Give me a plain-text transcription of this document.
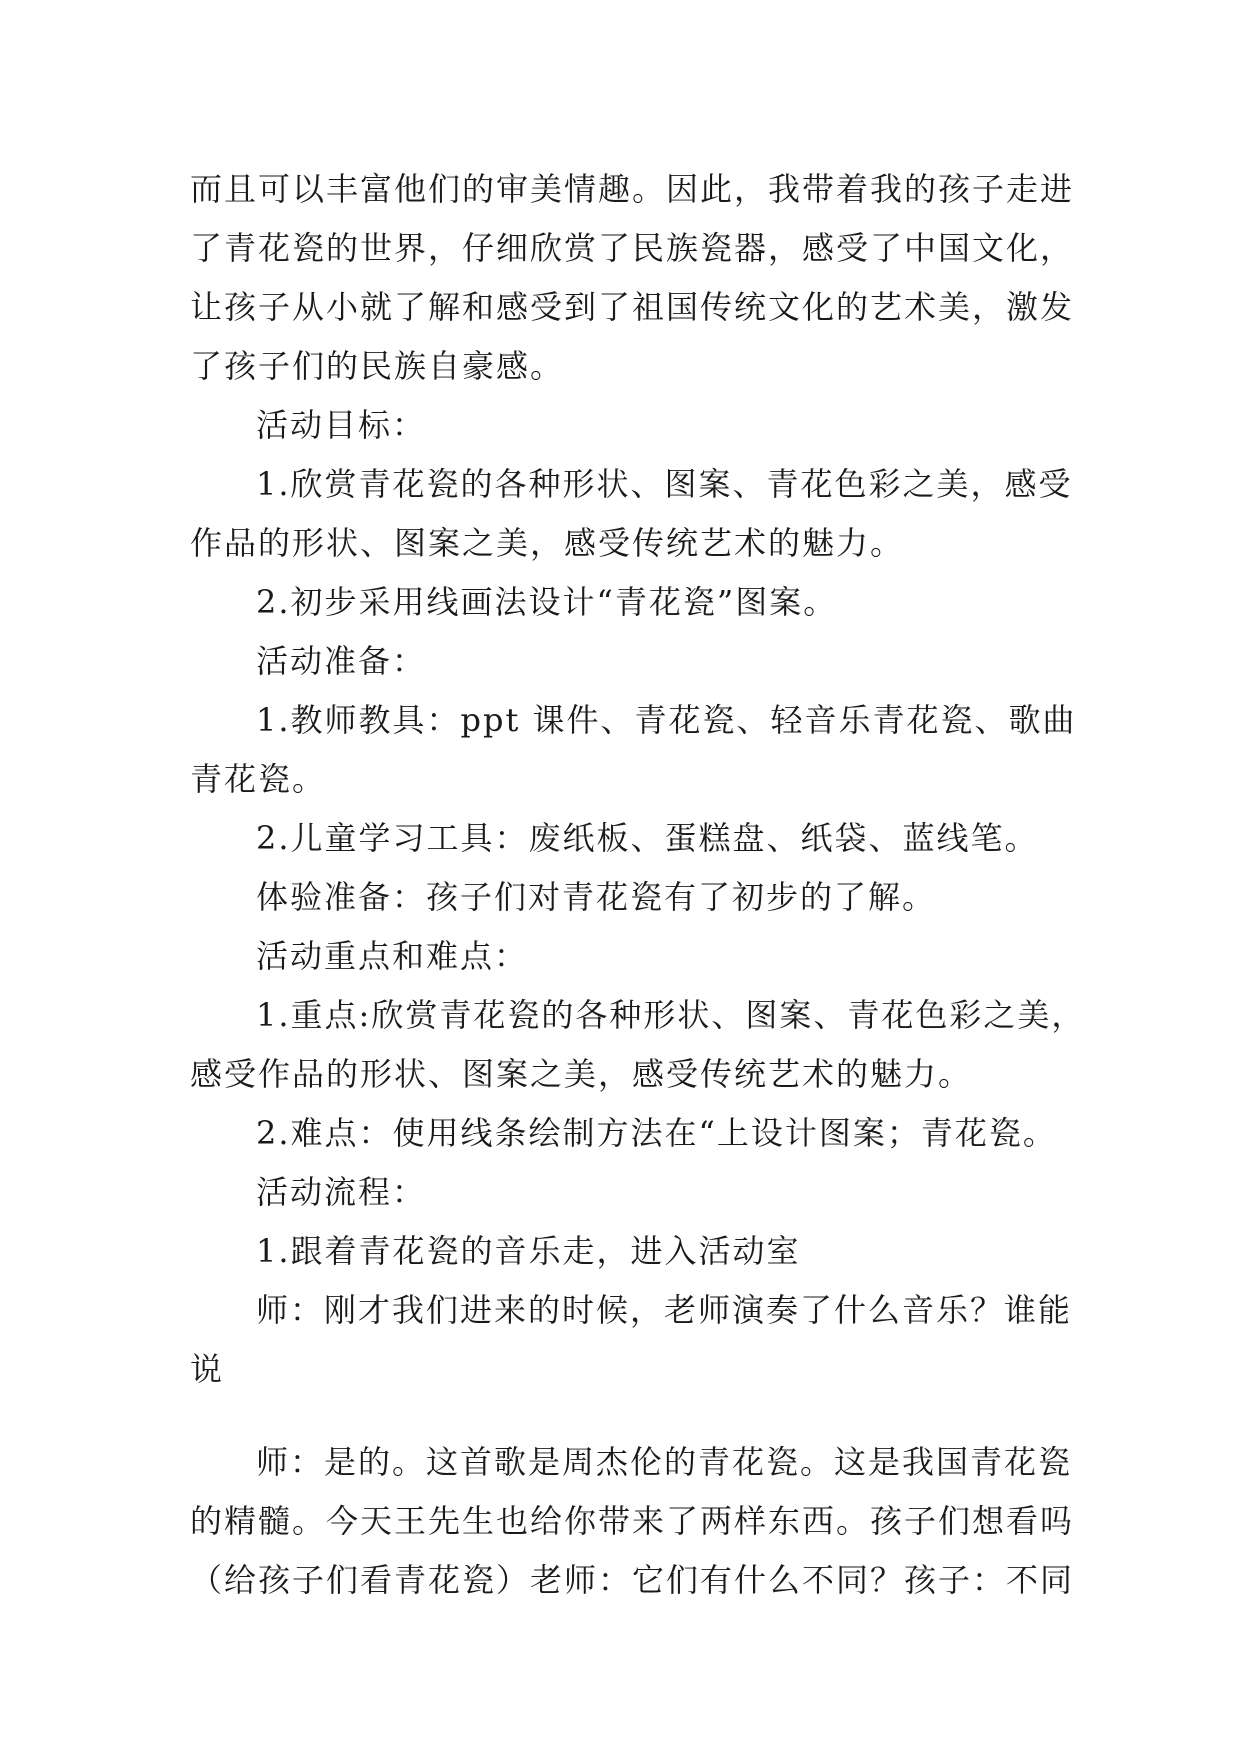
而且可以丰富他们的审美情趣。因此，我带着我的孩子走进
了青花瓷的世界，仔细欣赏了民族瓷器，感受了中国文化，
让孩子从小就了解和感受到了祖国传统文化的艺术美，激发
了孩子们的民族自豪感。
活动目标：
1.欣赏青花瓷的各种形状、图案、青花色彩之美，感受
作品的形状、图案之美，感受传统艺术的魅力。
2.初步采用线画法设计“青花瓷”图案。
活动准备：
1.教师教具：ppt 课件、青花瓷、轻音乐青花瓷、歌曲
青花瓷。
2.儿童学习工具：废纸板、蛋糕盘、纸袋、蓝线笔。
体验准备：孩子们对青花瓷有了初步的了解。
活动重点和难点：
1.重点:欣赏青花瓷的各种形状、图案、青花色彩之美，
感受作品的形状、图案之美，感受传统艺术的魅力。
2.难点：使用线条绘制方法在“上设计图案；青花瓷。
活动流程：
1.跟着青花瓷的音乐走，进入活动室
师：刚才我们进来的时候，老师演奏了什么音乐？谁能
说
师：是的。这首歌是周杰伦的青花瓷。这是我国青花瓷
的精髓。今天王先生也给你带来了两样东西。孩子们想看吗
（给孩子们看青花瓷）老师：它们有什么不同？孩子：不同
